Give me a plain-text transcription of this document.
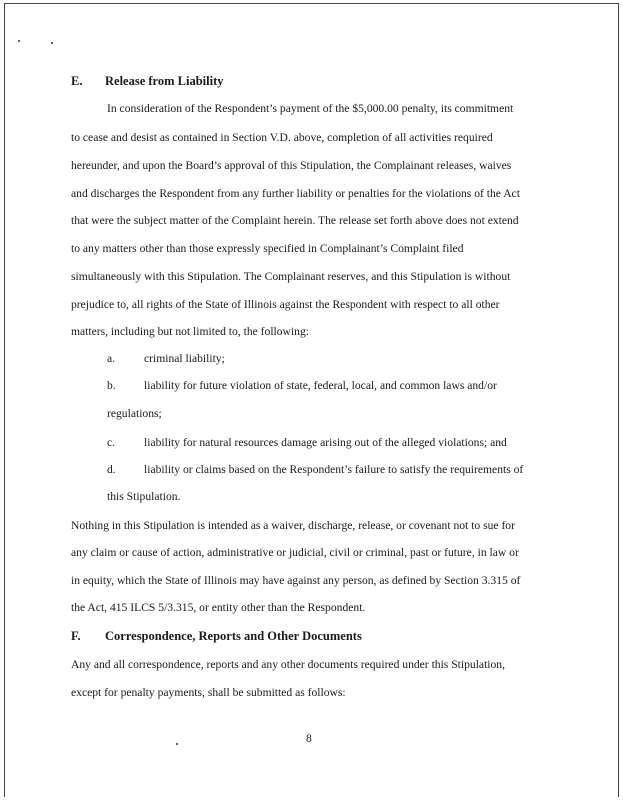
E. Release from Liability
In consideration of the Respondent’s payment of the $5,000.00 penalty, its commitment
to cease and desist as contained in Section V.D. above, completion of all activities required
hereunder, and upon the Board’s approval of this Stipulation, the Complainant releases, waives
and discharges the Respondent from any further liability or penalties for the violations of the Act
that were the subject matter of the Complaint herein. The release set forth above does not extend
to any matters other than those expressly specified in Complainant’s Complaint filed
simultaneously with this Stipulation. The Complainant reserves, and this Stipulation is without
prejudice to, all rights of the State of Illinois against the Respondent with respect to all other
matters, including but not limited to, the following:
a. criminal liability;
b. liability for future violation of state, federal, local, and common laws and/or
regulations;
c. liability for natural resources damage arising out of the alleged violations; and
d. liability or claims based on the Respondent’s failure to satisfy the requirements of
this Stipulation.
Nothing in this Stipulation is intended as a waiver, discharge, release, or covenant not to sue for
any claim or cause of action, administrative or judicial, civil or criminal, past or future, in law or
in equity, which the State of Illinois may have against any person, as defined by Section 3.315 of
the Act, 415 ILCS 5/3.315, or entity other than the Respondent.
F. Correspondence, Reports and Other Documents
Any and all correspondence, reports and any other documents required under this Stipulation,
except for penalty payments, shall be submitted as follows:
8
